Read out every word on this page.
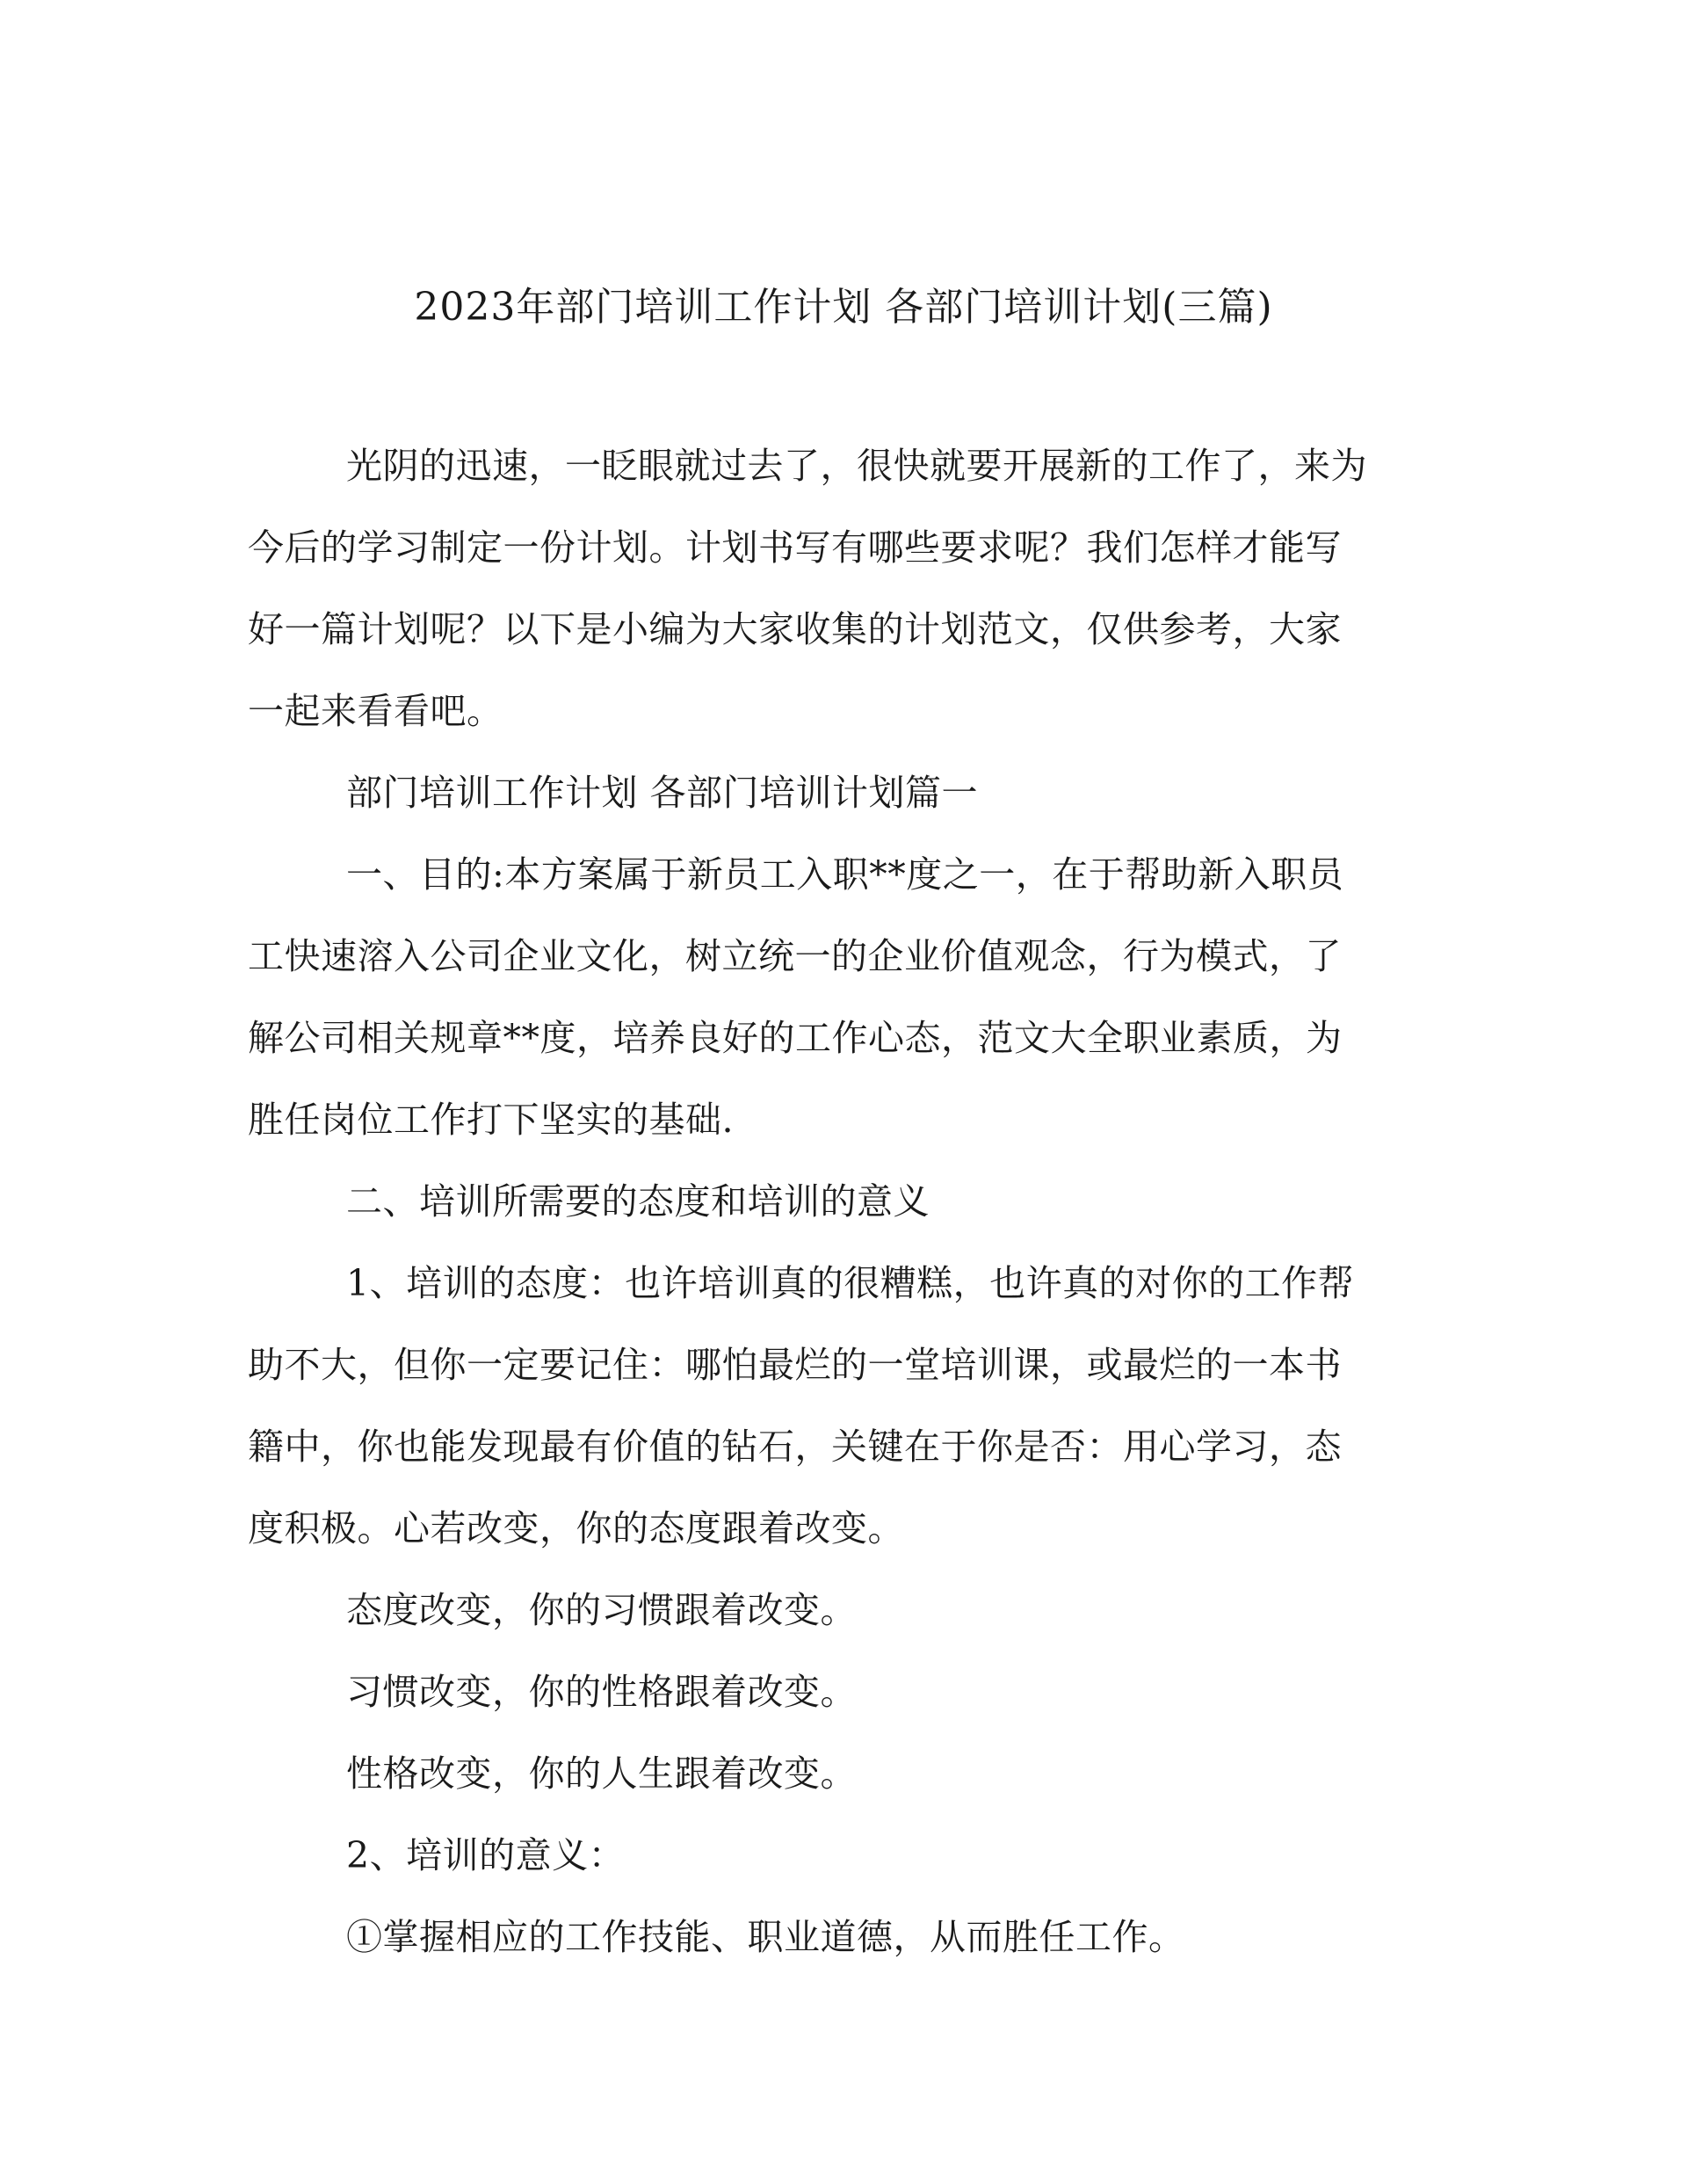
2023年部门培训工作计划 各部门培训计划(三篇)
光阴的迅速，一眨眼就过去了，很快就要开展新的工作了，来为
今后的学习制定一份计划。计划书写有哪些要求呢？我们怎样才能写
好一篇计划呢？以下是小编为大家收集的计划范文，仅供参考，大家
一起来看看吧。
部门培训工作计划 各部门培训计划篇一
一、目的:本方案属于新员工入职**度之一，在于帮助新入职员
工快速溶入公司企业文化，树立统一的企业价值观念，行为模式，了
解公司相关规章**度，培养良好的工作心态，范文大全职业素质，为
胜任岗位工作打下坚实的基础.
二、培训所需要的态度和培训的意义
1、培训的态度：也许培训真的很糟糕，也许真的对你的工作帮
助不大，但你一定要记住：哪怕最烂的一堂培训课，或最烂的一本书
籍中，你也能发现最有价值的钻石，关键在于你是否：用心学习，态
度积极。心若改变，你的态度跟着改变。
态度改变，你的习惯跟着改变。
习惯改变，你的性格跟着改变。
性格改变，你的人生跟着改变。
2、培训的意义：
①掌握相应的工作技能、职业道德，从而胜任工作。
